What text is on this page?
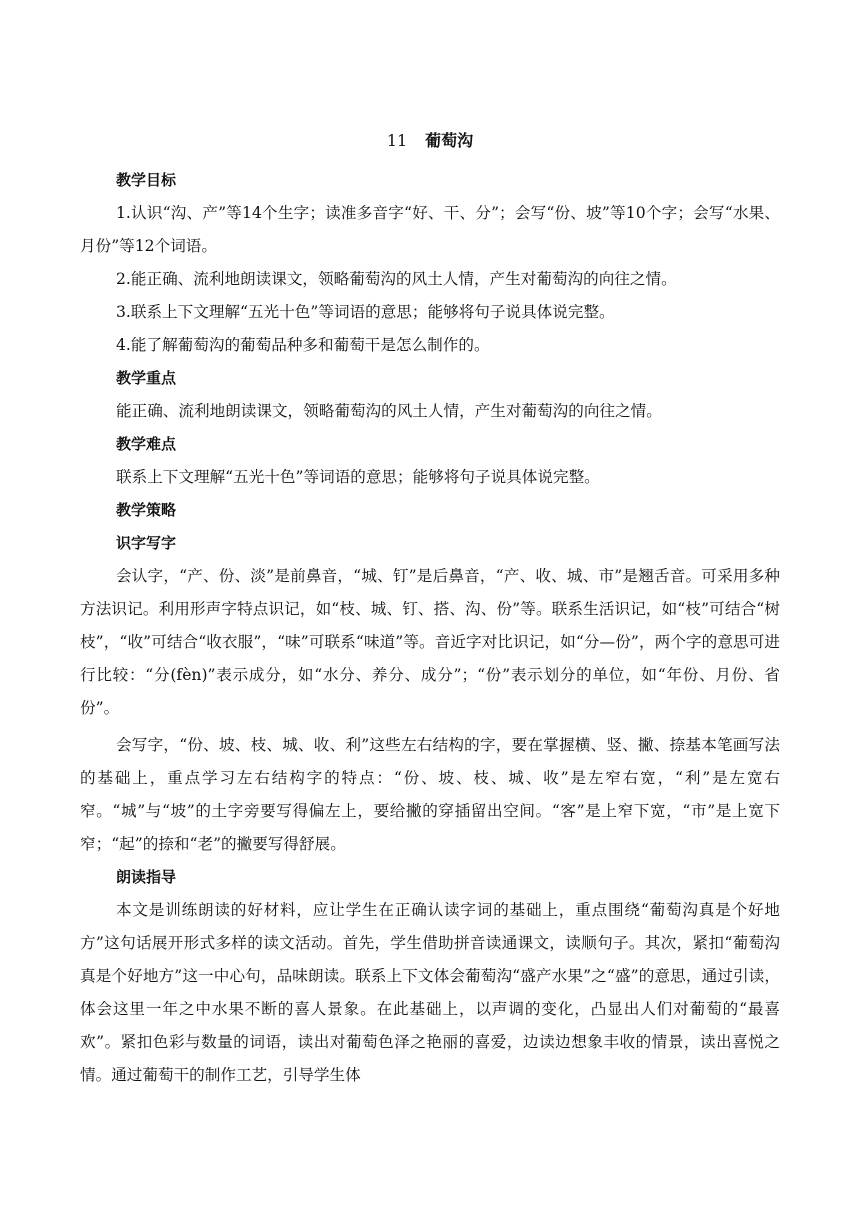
11 葡萄沟

教学目标

1.认识“沟、产”等14个生字；读准多音字“好、干、分”；会写“份、坡”等10个字；会写“水果、月份”等12个词语。

2.能正确、流利地朗读课文，领略葡萄沟的风土人情，产生对葡萄沟的向往之情。

3.联系上下文理解“五光十色”等词语的意思；能够将句子说具体说完整。

4.能了解葡萄沟的葡萄品种多和葡萄干是怎么制作的。

教学重点

能正确、流利地朗读课文，领略葡萄沟的风土人情，产生对葡萄沟的向往之情。

教学难点

联系上下文理解“五光十色”等词语的意思；能够将句子说具体说完整。

教学策略

识字写字

会认字，“产、份、淡”是前鼻音，“城、钉”是后鼻音，“产、收、城、市”是翘舌音。可采用多种方法识记。利用形声字特点识记，如“枝、城、钉、搭、沟、份”等。联系生活识记，如“枝”可结合“树枝”，“收”可结合“收衣服”，“味”可联系“味道”等。音近字对比识记，如“分—份”，两个字的意思可进行比较：“分(fèn)”表示成分，如“水分、养分、成分”；“份”表示划分的单位，如“年份、月份、省份”。

会写字，“份、坡、枝、城、收、利”这些左右结构的字，要在掌握横、竖、撇、捺基本笔画写法的基础上，重点学习左右结构字的特点：“份、坡、枝、城、收”是左窄右宽，“利”是左宽右窄。“城”与“坡”的土字旁要写得偏左上，要给撇的穿插留出空间。“客”是上窄下宽，“市”是上宽下窄；“起”的捺和“老”的撇要写得舒展。

朗读指导

本文是训练朗读的好材料，应让学生在正确认读字词的基础上，重点围绕“葡萄沟真是个好地方”这句话展开形式多样的读文活动。首先，学生借助拼音读通课文，读顺句子。其次，紧扣“葡萄沟真是个好地方”这一中心句，品味朗读。联系上下文体会葡萄沟“盛产水果”之“盛”的意思，通过引读，体会这里一年之中水果不断的喜人景象。在此基础上，以声调的变化，凸显出人们对葡萄的“最喜欢”。紧扣色彩与数量的词语，读出对葡萄色泽之艳丽的喜爱，边读边想象丰收的情景，读出喜悦之情。通过葡萄干的制作工艺，引导学生体
